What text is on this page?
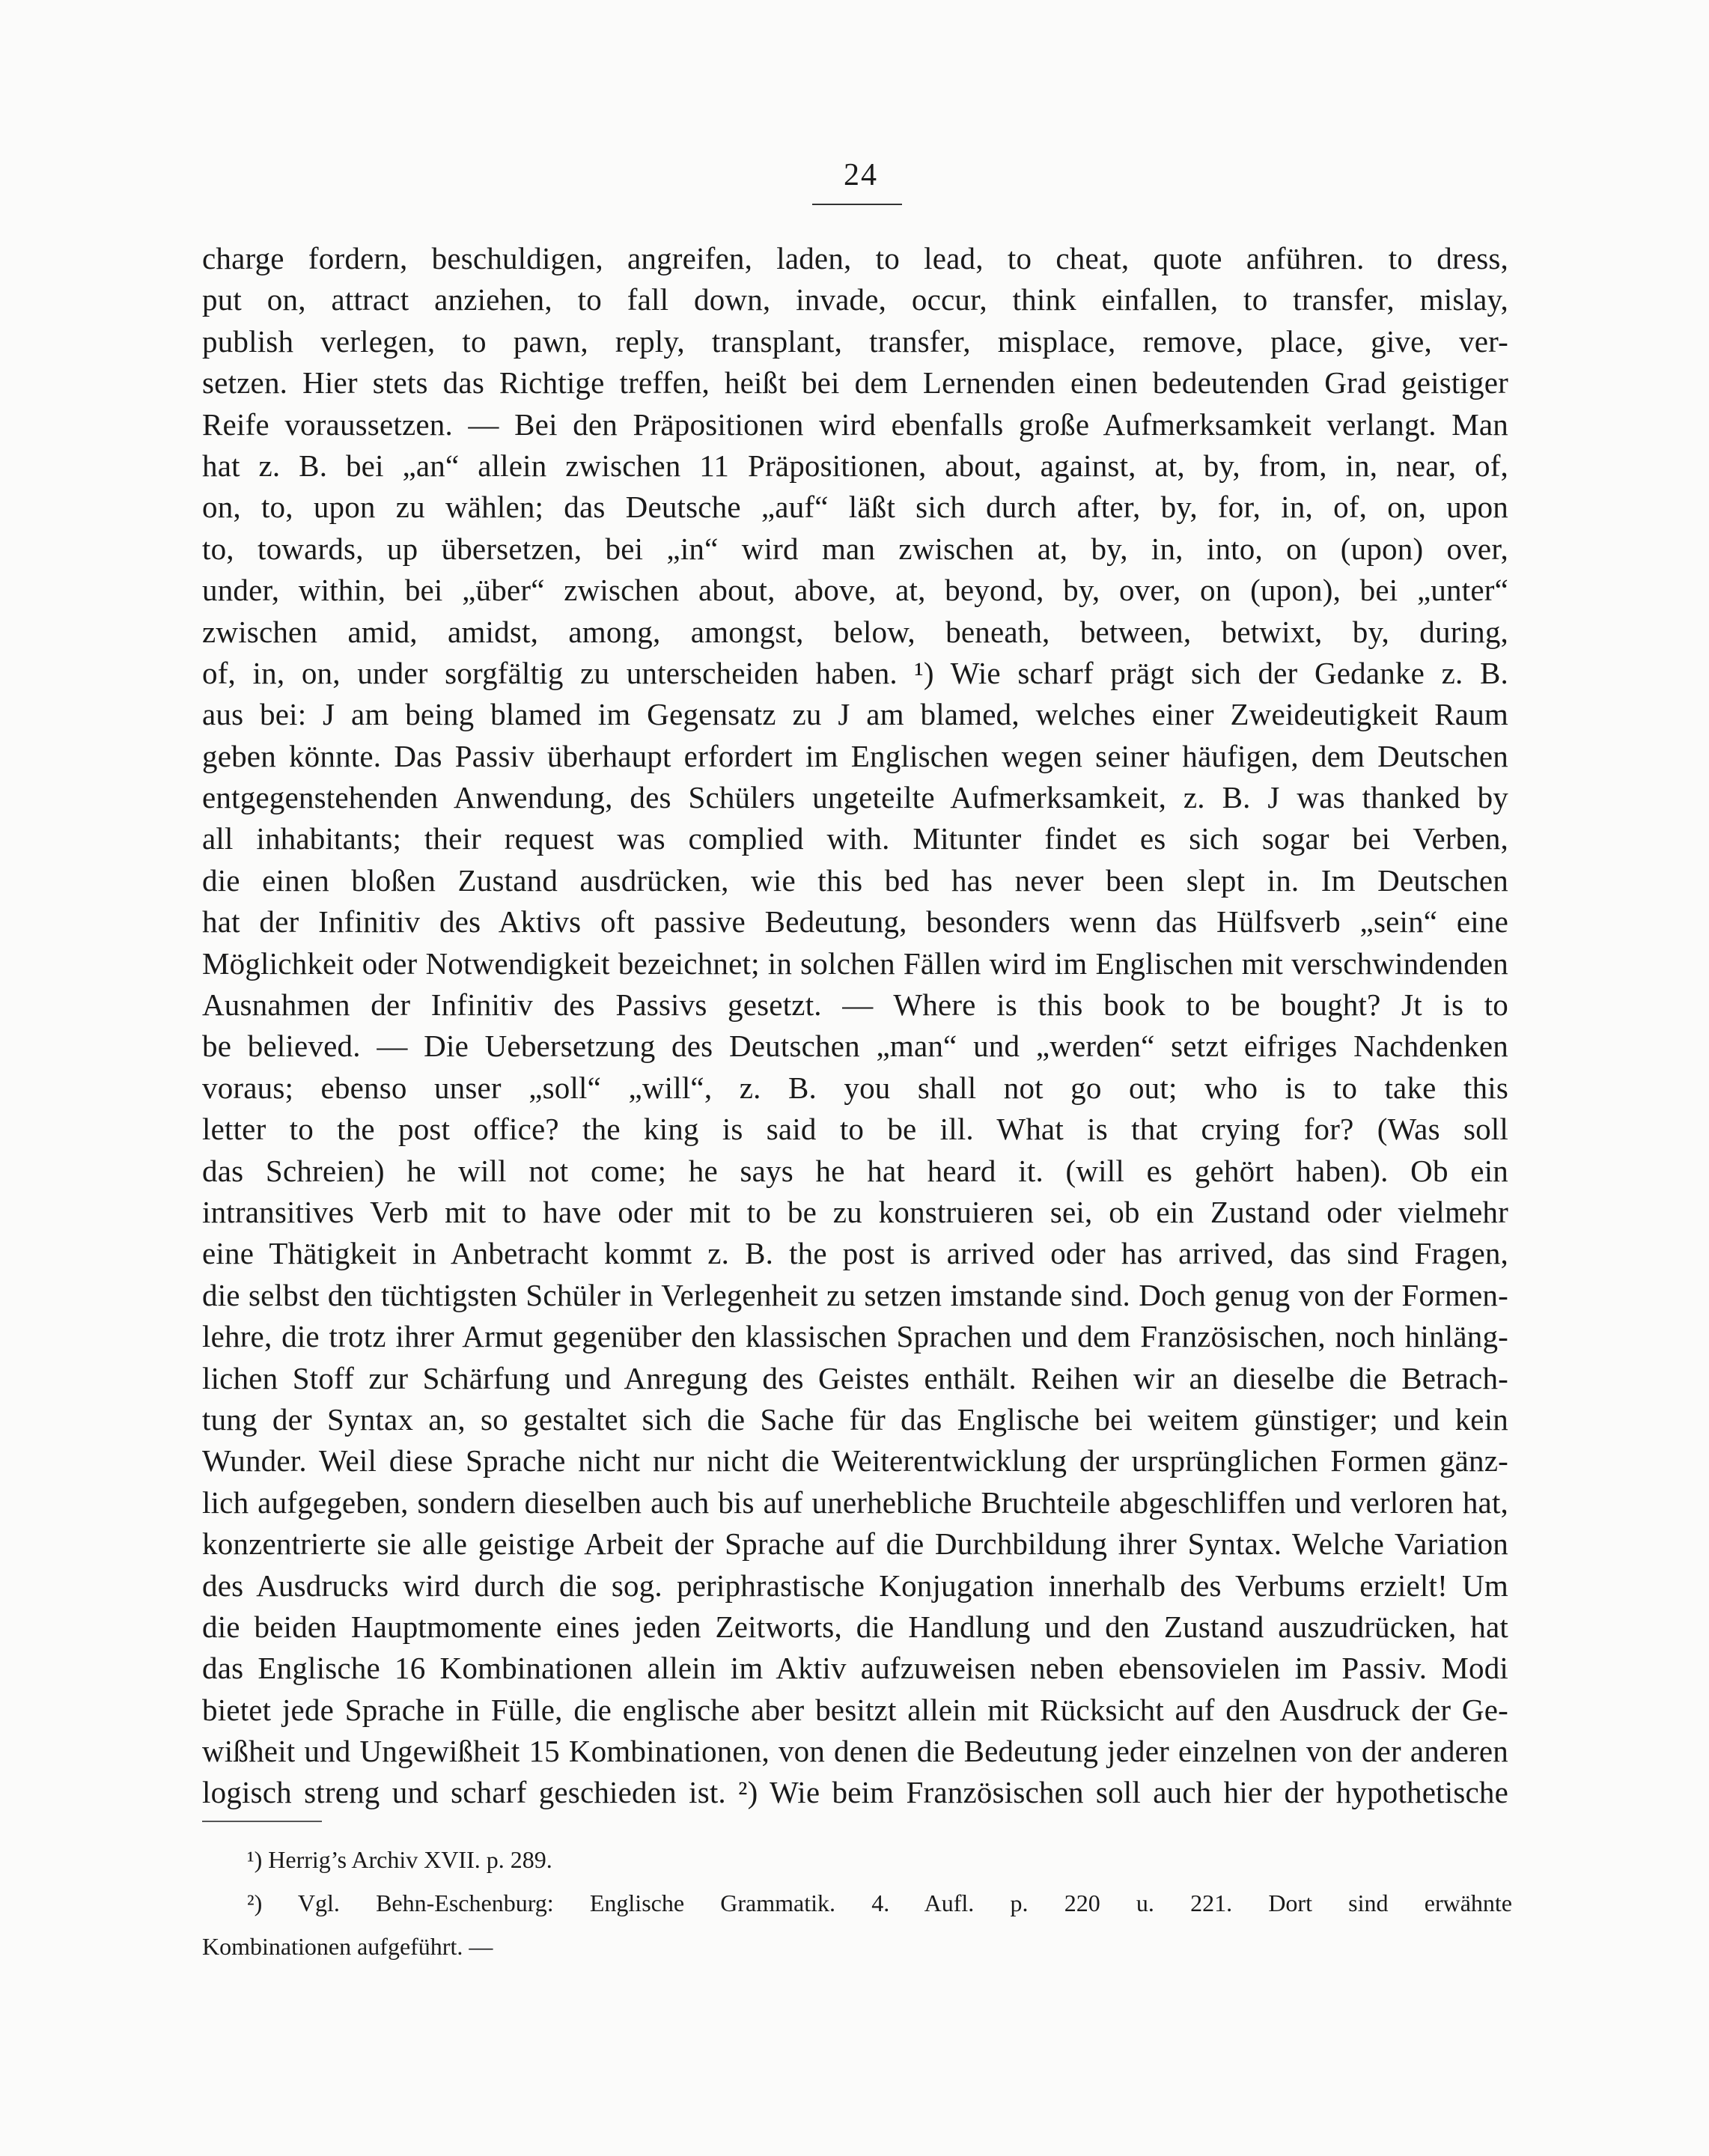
24
charge fordern, beschuldigen, angreifen, laden, to lead, to cheat, quote anführen. to dress,
put on, attract anziehen, to fall down, invade, occur, think einfallen, to transfer, mislay,
publish verlegen, to pawn, reply, transplant, transfer, misplace, remove, place, give, ver-
setzen. Hier stets das Richtige treffen, heißt bei dem Lernenden einen bedeutenden Grad geistiger
Reife voraussetzen. — Bei den Präpositionen wird ebenfalls große Aufmerksamkeit verlangt. Man
hat z. B. bei „an“ allein zwischen 11 Präpositionen, about, against, at, by, from, in, near, of,
on, to, upon zu wählen; das Deutsche „auf“ läßt sich durch after, by, for, in, of, on, upon
to, towards, up übersetzen, bei „in“ wird man zwischen at, by, in, into, on (upon) over,
under, within, bei „über“ zwischen about, above, at, beyond, by, over, on (upon), bei „unter“
zwischen amid, amidst, among, amongst, below, beneath, between, betwixt, by, during,
of, in, on, under sorgfältig zu unterscheiden haben. ¹) Wie scharf prägt sich der Gedanke z. B.
aus bei: J am being blamed im Gegensatz zu J am blamed, welches einer Zweideutigkeit Raum
geben könnte. Das Passiv überhaupt erfordert im Englischen wegen seiner häufigen, dem Deutschen
entgegenstehenden Anwendung, des Schülers ungeteilte Aufmerksamkeit, z. B. J was thanked by
all inhabitants; their request was complied with. Mitunter findet es sich sogar bei Verben,
die einen bloßen Zustand ausdrücken, wie this bed has never been slept in. Im Deutschen
hat der Infinitiv des Aktivs oft passive Bedeutung, besonders wenn das Hülfsverb „sein“ eine
Möglichkeit oder Notwendigkeit bezeichnet; in solchen Fällen wird im Englischen mit verschwindenden
Ausnahmen der Infinitiv des Passivs gesetzt. — Where is this book to be bought? Jt is to
be believed. — Die Uebersetzung des Deutschen „man“ und „werden“ setzt eifriges Nachdenken
voraus; ebenso unser „soll“ „will“, z. B. you shall not go out; who is to take this
letter to the post office? the king is said to be ill. What is that crying for? (Was soll
das Schreien) he will not come; he says he hat heard it. (will es gehört haben). Ob ein
intransitives Verb mit to have oder mit to be zu konstruieren sei, ob ein Zustand oder vielmehr
eine Thätigkeit in Anbetracht kommt z. B. the post is arrived oder has arrived, das sind Fragen,
die selbst den tüchtigsten Schüler in Verlegenheit zu setzen imstande sind. Doch genug von der Formen-
lehre, die trotz ihrer Armut gegenüber den klassischen Sprachen und dem Französischen, noch hinläng-
lichen Stoff zur Schärfung und Anregung des Geistes enthält. Reihen wir an dieselbe die Betrach-
tung der Syntax an, so gestaltet sich die Sache für das Englische bei weitem günstiger; und kein
Wunder. Weil diese Sprache nicht nur nicht die Weiterentwicklung der ursprünglichen Formen gänz-
lich aufgegeben, sondern dieselben auch bis auf unerhebliche Bruchteile abgeschliffen und verloren hat,
konzentrierte sie alle geistige Arbeit der Sprache auf die Durchbildung ihrer Syntax. Welche Variation
des Ausdrucks wird durch die sog. periphrastische Konjugation innerhalb des Verbums erzielt! Um
die beiden Hauptmomente eines jeden Zeitworts, die Handlung und den Zustand auszudrücken, hat
das Englische 16 Kombinationen allein im Aktiv aufzuweisen neben ebensovielen im Passiv. Modi
bietet jede Sprache in Fülle, die englische aber besitzt allein mit Rücksicht auf den Ausdruck der Ge-
wißheit und Ungewißheit 15 Kombinationen, von denen die Bedeutung jeder einzelnen von der anderen
logisch streng und scharf geschieden ist. ²) Wie beim Französischen soll auch hier der hypothetische
¹) Herrig’s Archiv XVII. p. 289.
²) Vgl. Behn-Eschenburg: Englische Grammatik. 4. Aufl. p. 220 u. 221. Dort sind erwähnte
Kombinationen aufgeführt. —
